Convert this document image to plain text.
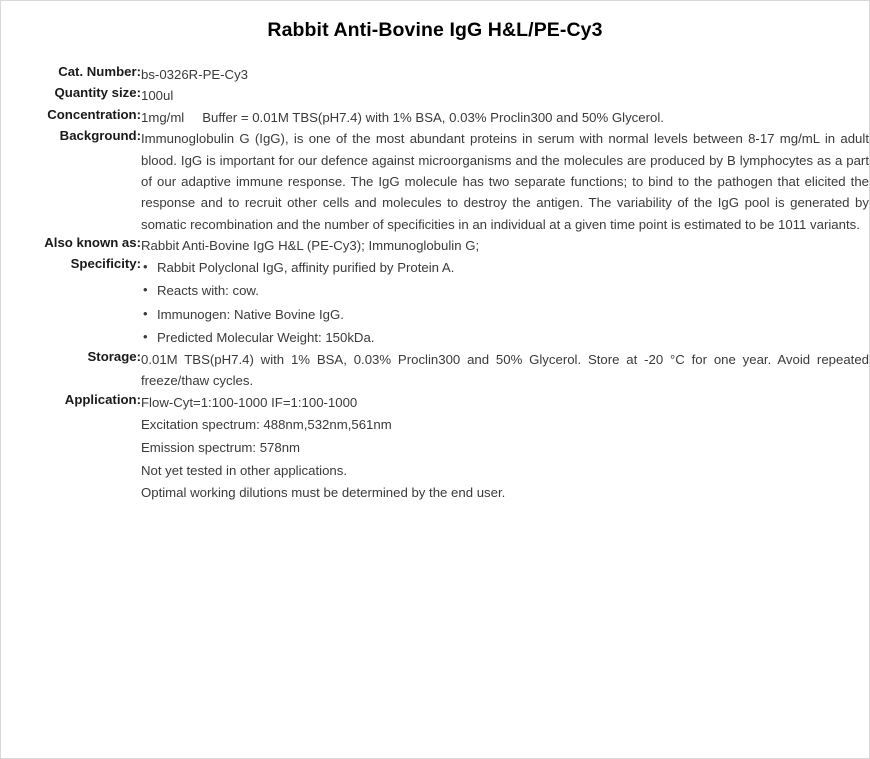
Rabbit Anti-Bovine IgG H&L/PE-Cy3
Cat. Number:	bs-0326R-PE-Cy3
Quantity size:	100ul
Concentration:	1mg/ml Buffer = 0.01M TBS(pH7.4) with 1% BSA, 0.03% Proclin300 and 50% Glycerol.
Background:	Immunoglobulin G (IgG), is one of the most abundant proteins in serum with normal levels between 8-17 mg/mL in adult blood. IgG is important for our defence against microorganisms and the molecules are produced by B lymphocytes as a part of our adaptive immune response. The IgG molecule has two separate functions; to bind to the pathogen that elicited the response and to recruit other cells and molecules to destroy the antigen. The variability of the IgG pool is generated by somatic recombination and the number of specificities in an individual at a given time point is estimated to be 1011 variants.
Also known as:	Rabbit Anti-Bovine IgG H&L (PE-Cy3); Immunoglobulin G;
Specificity:	
•Rabbit Polyclonal IgG, affinity purified by Protein A.
• Reacts with: cow.
• Immunogen: Native Bovine IgG.
• Predicted Molecular Weight: 150kDa.

Storage:	0.01M TBS(pH7.4) with 1% BSA, 0.03% Proclin300 and 50% Glycerol. Store at -20 °C for one year. Avoid repeated freeze/thaw cycles.
Application:	Flow-Cyt=1:100-1000 IF=1:100-1000
Excitation spectrum: 488nm,532nm,561nm
Emission spectrum: 578nm
Not yet tested in other applications.
Optimal working dilutions must be determined by the end user.
